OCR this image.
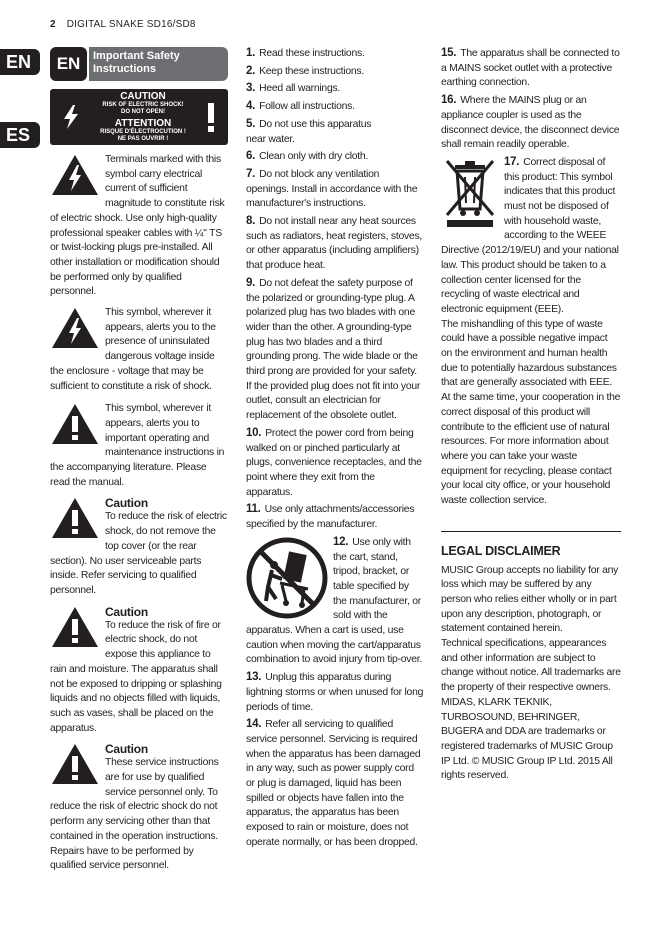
2 DIGITAL SNAKE SD16/SD8
EN
ES
EN	Important Safety Instructions
CAUTION
RISK OF ELECTRIC SHOCK!
DO NOT OPEN!
ATTENTION
RISQUE D'ÉLECTROCUTION !
NE PAS OUVRIR !
Terminals marked with this symbol carry electrical current of sufficient magnitude to constitute risk of electric shock. Use only high-quality professional speaker cables with ¼" TS or twist-locking plugs pre-installed. All other installation or modification should be performed only by qualified personnel.
This symbol, wherever it appears, alerts you to the presence of uninsulated dangerous voltage inside the enclosure - voltage that may be sufficient to constitute a risk of shock.
This symbol, wherever it appears, alerts you to important operating and maintenance instructions in the accompanying literature. Please read the manual.
Caution
To reduce the risk of electric shock, do not remove the top cover (or the rear section). No user serviceable parts inside. Refer servicing to qualified personnel.
Caution
To reduce the risk of fire or electric shock, do not expose this appliance to rain and moisture. The apparatus shall not be exposed to dripping or splashing liquids and no objects filled with liquids, such as vases, shall be placed on the apparatus.
Caution
These service instructions are for use by qualified service personnel only. To reduce the risk of electric shock do not perform any servicing other than that contained in the operation instructions. Repairs have to be performed by qualified service personnel.
1. Read these instructions.
2. Keep these instructions.
3. Heed all warnings.
4. Follow all instructions.
5. Do not use this apparatus near water.
6. Clean only with dry cloth.
7. Do not block any ventilation openings. Install in accordance with the manufacturer's instructions.
8. Do not install near any heat sources such as radiators, heat registers, stoves, or other apparatus (including amplifiers) that produce heat.
9. Do not defeat the safety purpose of the polarized or grounding-type plug. A polarized plug has two blades with one wider than the other. A grounding-type plug has two blades and a third grounding prong. The wide blade or the third prong are provided for your safety. If the provided plug does not fit into your outlet, consult an electrician for replacement of the obsolete outlet.
10. Protect the power cord from being walked on or pinched particularly at plugs, convenience receptacles, and the point where they exit from the apparatus.
11. Use only attachments/accessories specified by the manufacturer.
12. Use only with the cart, stand, tripod, bracket, or table specified by the manufacturer, or sold with the apparatus. When a cart is used, use caution when moving the cart/apparatus combination to avoid injury from tip-over.
13. Unplug this apparatus during lightning storms or when unused for long periods of time.
14. Refer all servicing to qualified service personnel. Servicing is required when the apparatus has been damaged in any way, such as power supply cord or plug is damaged, liquid has been spilled or objects have fallen into the apparatus, the apparatus has been exposed to rain or moisture, does not operate normally, or has been dropped.
15. The apparatus shall be connected to a MAINS socket outlet with a protective earthing connection.
16. Where the MAINS plug or an appliance coupler is used as the disconnect device, the disconnect device shall remain readily operable.
17. Correct disposal of this product: This symbol indicates that this product must not be disposed of with household waste, according to the WEEE Directive (2012/19/EU) and your national law. This product should be taken to a collection center licensed for the recycling of waste electrical and electronic equipment (EEE).
The mishandling of this type of waste could have a possible negative impact on the environment and human health due to potentially hazardous substances that are generally associated with EEE. At the same time, your cooperation in the correct disposal of this product will contribute to the efficient use of natural resources. For more information about where you can take your waste equipment for recycling, please contact your local city office, or your household waste collection service.
LEGAL DISCLAIMER
MUSIC Group accepts no liability for any loss which may be suffered by any person who relies either wholly or in part upon any description, photograph, or statement contained herein.
Technical specifications, appearances and other information are subject to change without notice. All trademarks are the property of their respective owners. MIDAS, KLARK TEKNIK, TURBOSOUND, BEHRINGER, BUGERA and DDA are trademarks or registered trademarks of MUSIC Group IP Ltd. © MUSIC Group IP Ltd. 2015 All rights reserved.
